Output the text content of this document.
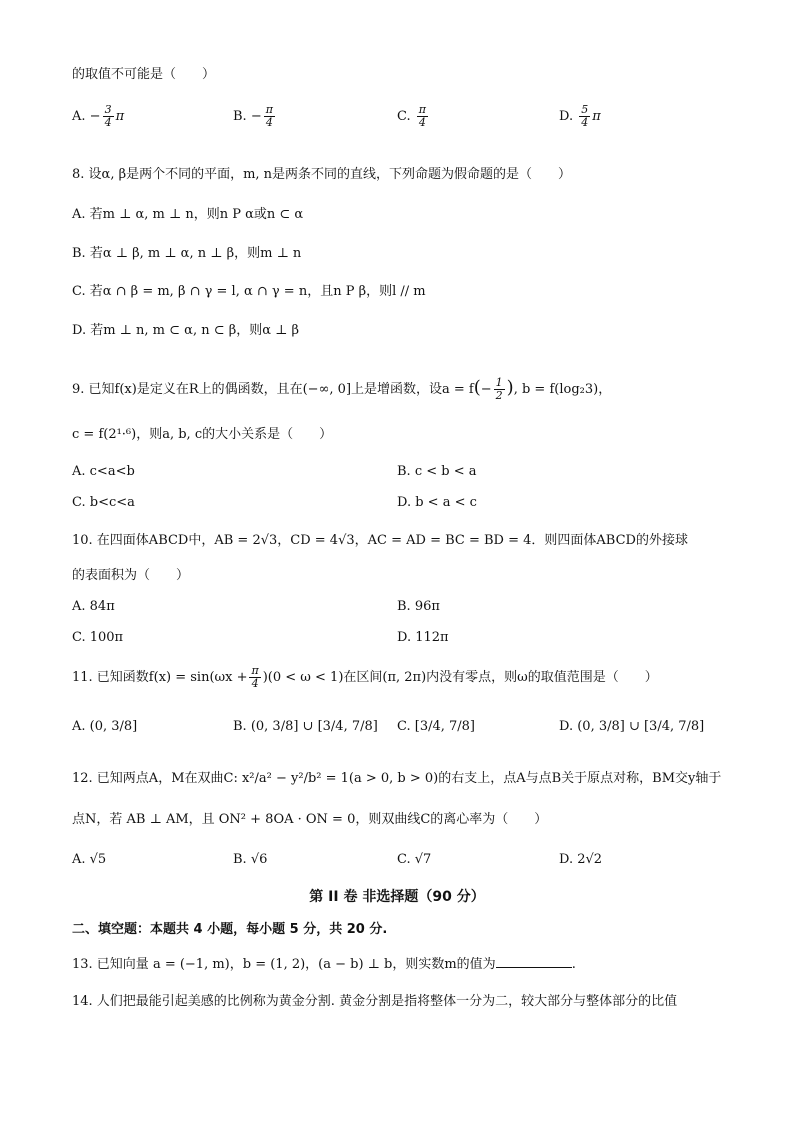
的取值不可能是（　　）
A. − $\frac{3}{4}$ π	B. − $\frac{\pi}{4}$	C. $\frac{\pi}{4}$	D. $\frac{5}{4}$ π
8. 设α, β是两个不同的平面，m, n是两条不同的直线，下列命题为假命题的是（　　）
A. 若m ⊥ α, m ⊥ n，则n P α或n ⊂ α
B. 若α ⊥ β, m ⊥ α, n ⊥ β，则m ⊥ n
C. 若α ∩ β = m, β ∩ γ = l, α ∩ γ = n，且n P β，则l // m
D. 若m ⊥ n, m ⊂ α, n ⊂ β，则α ⊥ β
9. 已知f(x)是定义在R上的偶函数，且在(−∞, 0]上是增函数，设$a = f(- \frac{1}{2}$ ), b = f(log₂3)，
c = f(2¹·⁶)，则a, b, c的大小关系是（　　）
A. c<a<b	B. c < b < a
C. b<c<a	D. b < a < c
10. 在四面体ABCD中，AB = 2√3，CD = 4√3，AC = AD = BC = BD = 4．则四面体ABCD的外接球
的表面积为（　　）
A. 84π	B. 96π
C. 100π	D. 112π
11. 已知函数$f(x) = \sin(\omega x + \frac{\pi}{4} )(0 < \omega < 1)$在区间(π, 2π)内没有零点，则ω的取值范围是（　　）
A. (0, 3/8]	B. (0, 3/8] ∪ [3/4, 7/8] C. [3/4, 7/8]	D. (0, 3/8] ∪ [3/4, 7/8]
12. 已知两点A，M在双曲C: x²/a² − y²/b² = 1(a > 0, b > 0)的右支上，点A与点B关于原点对称，BM交y轴于
点N，若 AB ⊥ AM，且 ON² + 8OA · ON = 0，则双曲线C的离心率为（　　）
A. √5	B. √6	C. √7	D. 2√2
第 II 卷 非选择题（90 分）
二、填空题：本题共 4 小题，每小题 5 分，共 20 分.
13. 已知向量 a = (−1, m)，b = (1, 2)，(a − b) ⊥ b，则实数m的值为	.
14. 人们把最能引起美感的比例称为黄金分割. 黄金分割是指将整体一分为二，较大部分与整体部分的比值
